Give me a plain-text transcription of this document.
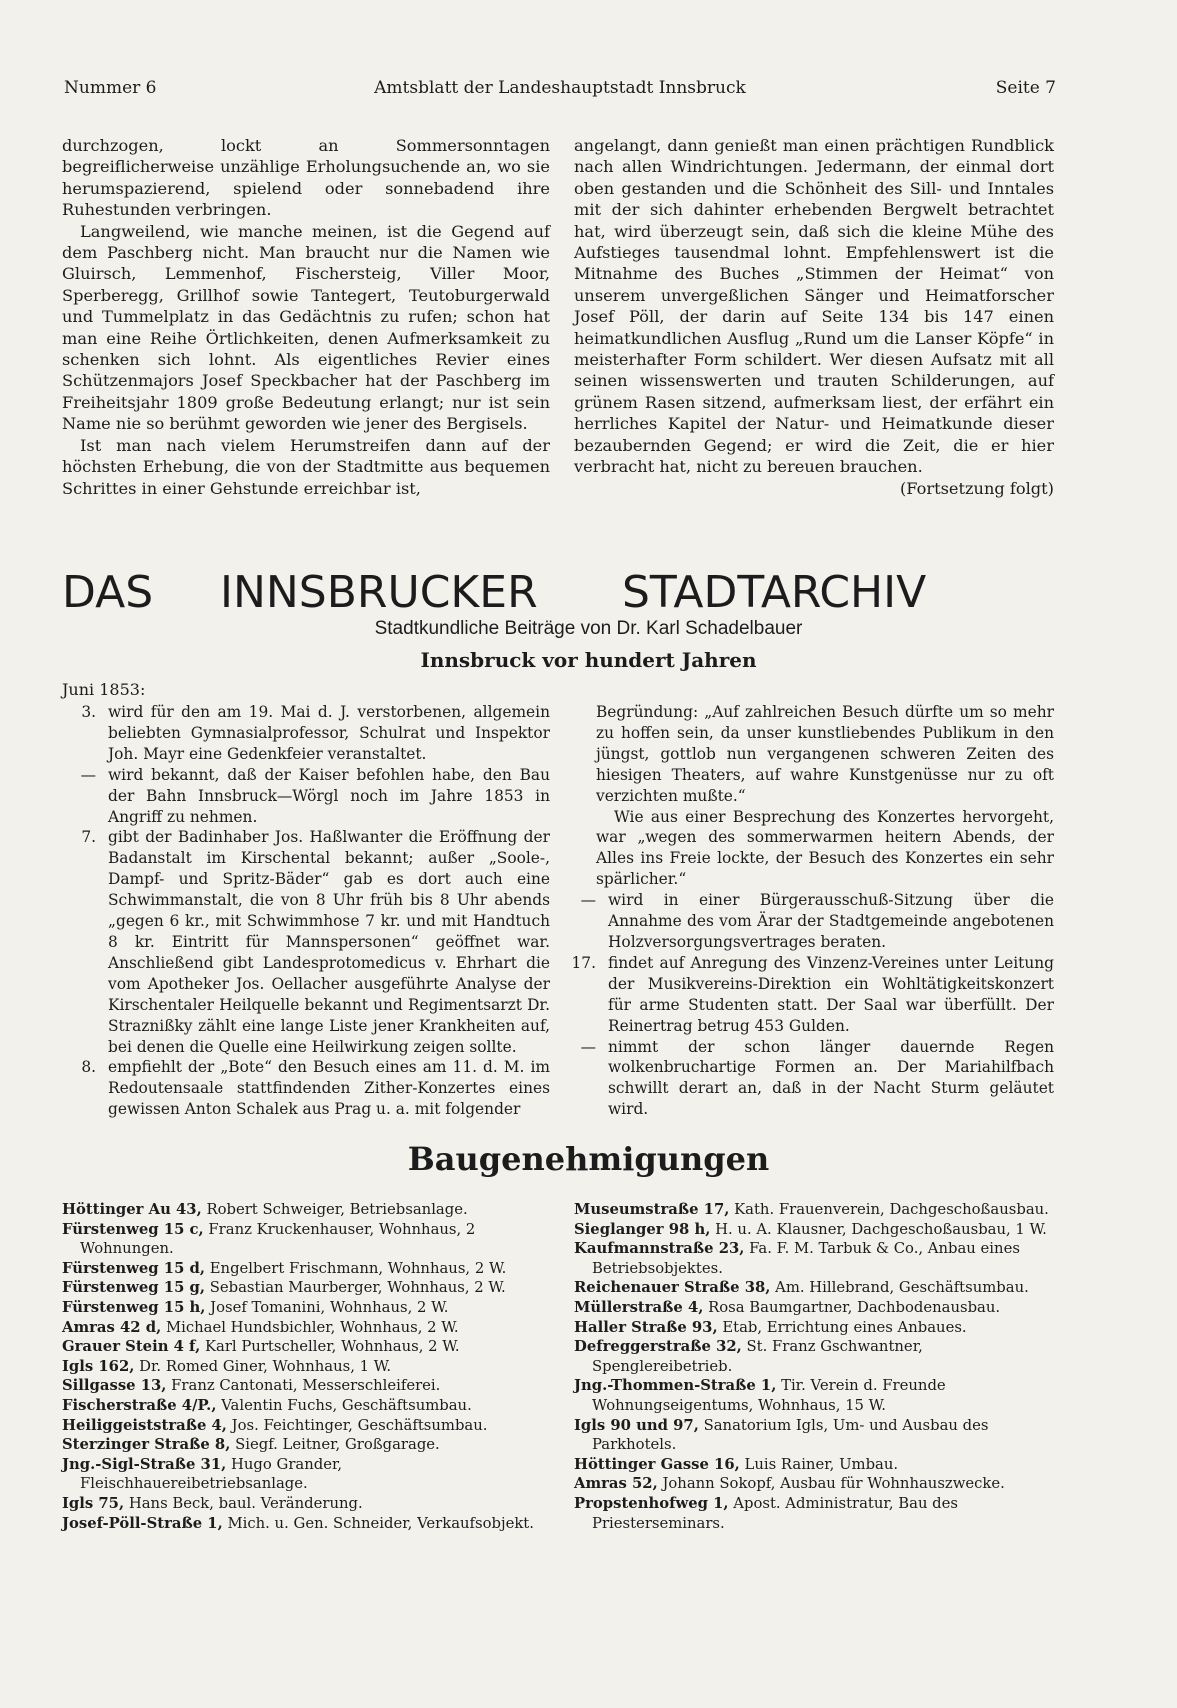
Nummer 6	Amtsblatt der Landeshauptstadt Innsbruck	Seite 7

durchzogen, lockt an Sommersonntagen begreiflicherweise unzählige Erholungsuchende an, wo sie herumspazierend, spielend oder sonnebadend ihre Ruhestunden verbringen.

Langweilend, wie manche meinen, ist die Gegend auf dem Paschberg nicht. Man braucht nur die Namen wie Gluirsch, Lemmenhof, Fischersteig, Viller Moor, Sperberegg, Grillhof sowie Tantegert, Teutoburgerwald und Tummelplatz in das Gedächtnis zu rufen; schon hat man eine Reihe Örtlichkeiten, denen Aufmerksamkeit zu schenken sich lohnt. Als eigentliches Revier eines Schützenmajors Josef Speckbacher hat der Paschberg im Freiheitsjahr 1809 große Bedeutung erlangt; nur ist sein Name nie so berühmt geworden wie jener des Bergisels.

Ist man nach vielem Herumstreifen dann auf der höchsten Erhebung, die von der Stadtmitte aus bequemen Schrittes in einer Gehstunde erreichbar ist,

angelangt, dann genießt man einen prächtigen Rundblick nach allen Windrichtungen. Jedermann, der einmal dort oben gestanden und die Schönheit des Sill- und Inntales mit der sich dahinter erhebenden Bergwelt betrachtet hat, wird überzeugt sein, daß sich die kleine Mühe des Aufstieges tausendmal lohnt. Empfehlenswert ist die Mitnahme des Buches „Stimmen der Heimat“ von unserem unvergeßlichen Sänger und Heimatforscher Josef Pöll, der darin auf Seite 134 bis 147 einen heimatkundlichen Ausflug „Rund um die Lanser Köpfe“ in meisterhafter Form schildert. Wer diesen Aufsatz mit all seinen wissenswerten und trauten Schilderungen, auf grünem Rasen sitzend, aufmerksam liest, der erfährt ein herrliches Kapitel der Natur- und Heimatkunde dieser bezaubernden Gegend; er wird die Zeit, die er hier verbracht hat, nicht zu bereuen brauchen.

(Fortsetzung folgt)

DAS INNSBRUCKER STADTARCHIV
Stadtkundliche Beiträge von Dr. Karl Schadelbauer
Innsbruck vor hundert Jahren
Juni 1853:
3. wird für den am 19. Mai d. J. verstorbenen, allgemein beliebten Gymnasialprofessor, Schulrat und Inspektor Joh. Mayr eine Gedenkfeier veranstaltet.
— wird bekannt, daß der Kaiser befohlen habe, den Bau der Bahn Innsbruck—Wörgl noch im Jahre 1853 in Angriff zu nehmen.
7. gibt der Badinhaber Jos. Haßlwanter die Eröffnung der Badanstalt im Kirschental bekannt; außer „Soole-, Dampf- und Spritz-Bäder“ gab es dort auch eine Schwimmanstalt, die von 8 Uhr früh bis 8 Uhr abends „gegen 6 kr., mit Schwimmhose 7 kr. und mit Handtuch 8 kr. Eintritt für Mannspersonen“ geöffnet war. Anschließend gibt Landesprotomedicus v. Ehrhart die vom Apotheker Jos. Oellacher ausgeführte Analyse der Kirschentaler Heilquelle bekannt und Regimentsarzt Dr. Straznißky zählt eine lange Liste jener Krankheiten auf, bei denen die Quelle eine Heilwirkung zeigen sollte.
8. empfiehlt der „Bote“ den Besuch eines am 11. d. M. im Redoutensaale stattfindenden Zither-Konzertes eines gewissen Anton Schalek aus Prag u. a. mit folgender

Begründung: „Auf zahlreichen Besuch dürfte um so mehr zu hoffen sein, da unser kunstliebendes Publikum in den jüngst, gottlob nun vergangenen schweren Zeiten des hiesigen Theaters, auf wahre Kunstgenüsse nur zu oft verzichten mußte.“

Wie aus einer Besprechung des Konzertes hervorgeht, war „wegen des sommerwarmen heitern Abends, der Alles ins Freie lockte, der Besuch des Konzertes ein sehr spärlicher.“

— wird in einer Bürgerausschuß-Sitzung über die Annahme des vom Ärar der Stadtgemeinde angebotenen Holzversorgungsvertrages beraten.
17. findet auf Anregung des Vinzenz-Vereines unter Leitung der Musikvereins-Direktion ein Wohltätigkeitskonzert für arme Studenten statt. Der Saal war überfüllt. Der Reinertrag betrug 453 Gulden.
— nimmt der schon länger dauernde Regen wolkenbruchartige Formen an. Der Mariahilfbach schwillt derart an, daß in der Nacht Sturm geläutet wird.
Baugenehmigungen

Höttinger Au 43, Robert Schweiger, Betriebsanlage.

Fürstenweg 15 c, Franz Kruckenhauser, Wohnhaus, 2 Wohnungen.

Fürstenweg 15 d, Engelbert Frischmann, Wohnhaus, 2 W.

Fürstenweg 15 g, Sebastian Maurberger, Wohnhaus, 2 W.

Fürstenweg 15 h, Josef Tomanini, Wohnhaus, 2 W.

Amras 42 d, Michael Hundsbichler, Wohnhaus, 2 W.

Grauer Stein 4 f, Karl Purtscheller, Wohnhaus, 2 W.

Igls 162, Dr. Romed Giner, Wohnhaus, 1 W.

Sillgasse 13, Franz Cantonati, Messerschleiferei.

Fischerstraße 4/P., Valentin Fuchs, Geschäftsumbau.

Heiliggeiststraße 4, Jos. Feichtinger, Geschäftsumbau.

Sterzinger Straße 8, Siegf. Leitner, Großgarage.

Jng.-Sigl-Straße 31, Hugo Grander, Fleischhauereibetriebsanlage.

Igls 75, Hans Beck, baul. Veränderung.

Josef-Pöll-Straße 1, Mich. u. Gen. Schneider, Verkaufsobjekt.

Museumstraße 17, Kath. Frauenverein, Dachgeschoßausbau.

Sieglanger 98 h, H. u. A. Klausner, Dachgeschoßausbau, 1 W.

Kaufmannstraße 23, Fa. F. M. Tarbuk & Co., Anbau eines Betriebsobjektes.

Reichenauer Straße 38, Am. Hillebrand, Geschäftsumbau.

Müllerstraße 4, Rosa Baumgartner, Dachbodenausbau.

Haller Straße 93, Etab, Errichtung eines Anbaues.

Defreggerstraße 32, St. Franz Gschwantner, Spenglereibetrieb.

Jng.-Thommen-Straße 1, Tir. Verein d. Freunde Wohnungseigentums, Wohnhaus, 15 W.

Igls 90 und 97, Sanatorium Igls, Um- und Ausbau des Parkhotels.

Höttinger Gasse 16, Luis Rainer, Umbau.

Amras 52, Johann Sokopf, Ausbau für Wohnhauszwecke.

Propstenhofweg 1, Apost. Administratur, Bau des Priesterseminars.
